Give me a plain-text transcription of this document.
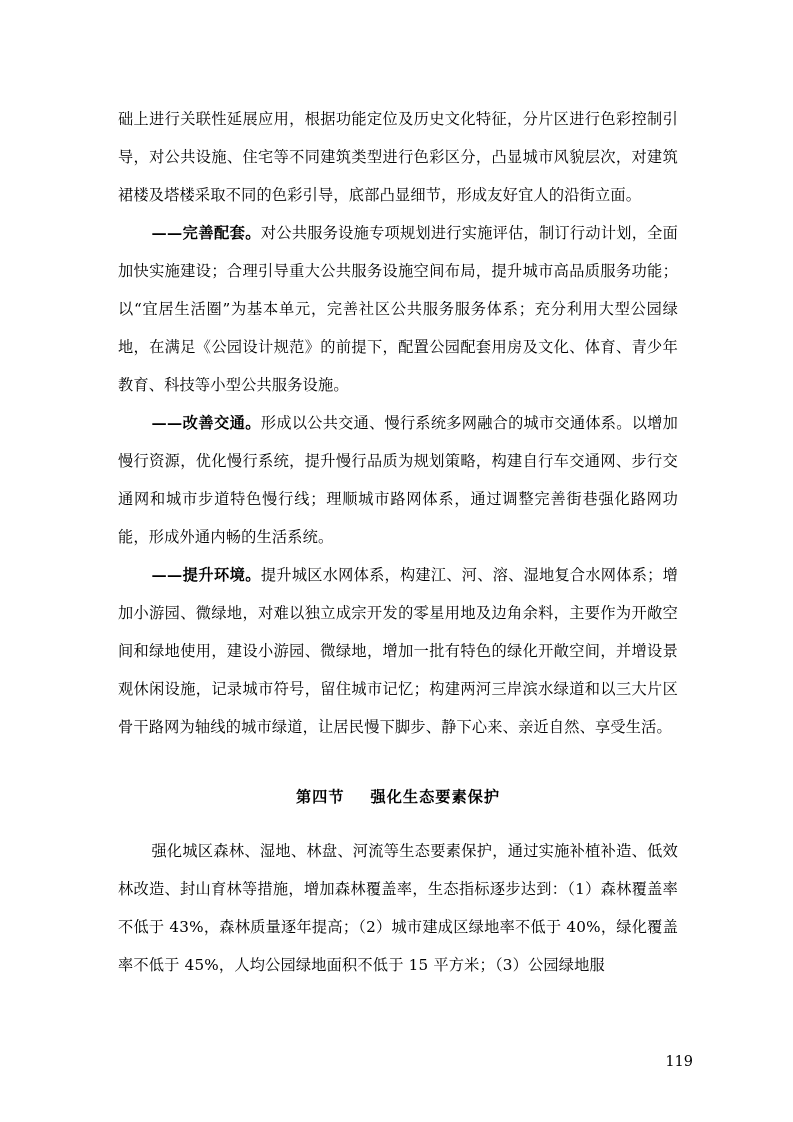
础上进行关联性延展应用，根据功能定位及历史文化特征，分片区进行色彩控制引导，对公共设施、住宅等不同建筑类型进行色彩区分，凸显城市风貌层次，对建筑裙楼及塔楼采取不同的色彩引导，底部凸显细节，形成友好宜人的沿街立面。

——完善配套。对公共服务设施专项规划进行实施评估，制订行动计划，全面加快实施建设；合理引导重大公共服务设施空间布局，提升城市高品质服务功能；以“宜居生活圈”为基本单元，完善社区公共服务服务体系；充分利用大型公园绿地，在满足《公园设计规范》的前提下，配置公园配套用房及文化、体育、青少年教育、科技等小型公共服务设施。

——改善交通。形成以公共交通、慢行系统多网融合的城市交通体系。以增加慢行资源，优化慢行系统，提升慢行品质为规划策略，构建自行车交通网、步行交通网和城市步道特色慢行线；理顺城市路网体系，通过调整完善街巷强化路网功能，形成外通内畅的生活系统。

——提升环境。提升城区水网体系，构建江、河、溶、湿地复合水网体系；增加小游园、微绿地，对难以独立成宗开发的零星用地及边角余料，主要作为开敞空间和绿地使用，建设小游园、微绿地，增加一批有特色的绿化开敞空间，并增设景观休闲设施，记录城市符号，留住城市记忆；构建两河三岸滨水绿道和以三大片区骨干路网为轴线的城市绿道，让居民慢下脚步、静下心来、亲近自然、享受生活。

第四节 强化生态要素保护

强化城区森林、湿地、林盘、河流等生态要素保护，通过实施补植补造、低效林改造、封山育林等措施，增加森林覆盖率，生态指标逐步达到：（1）森林覆盖率不低于 43%，森林质量逐年提高；（2）城市建成区绿地率不低于 40%，绿化覆盖率不低于 45%，人均公园绿地面积不低于 15 平方米；（3）公园绿地服

119
